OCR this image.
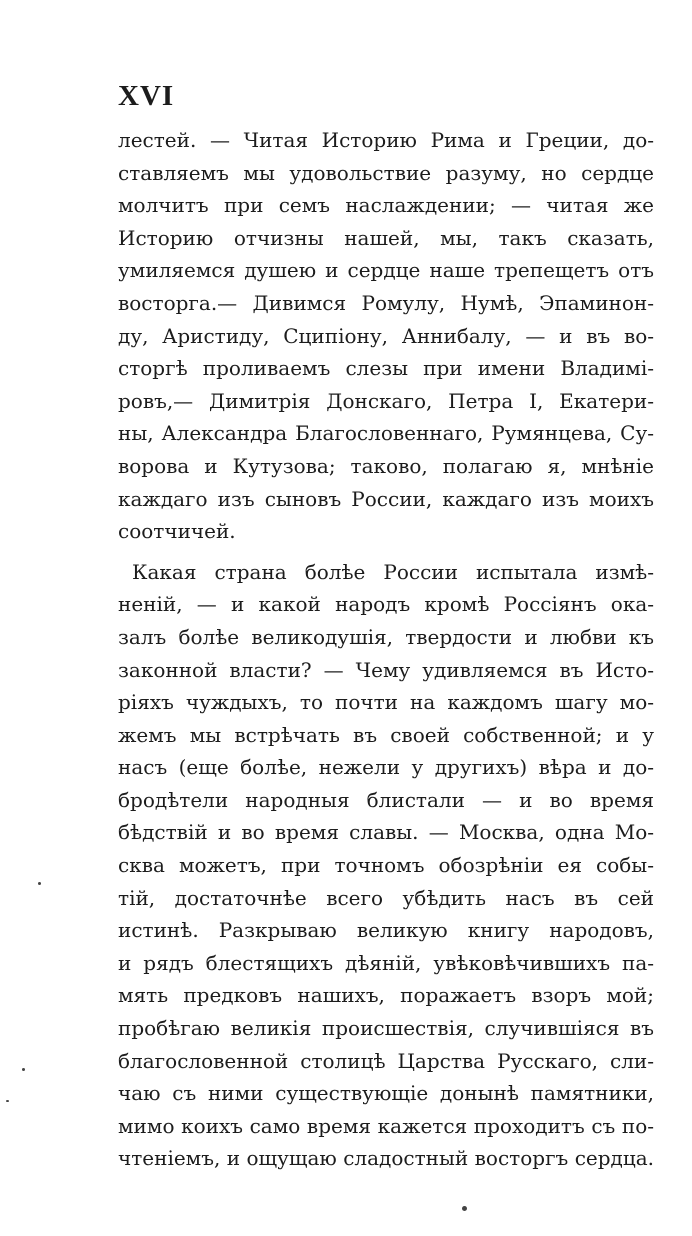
XVI
лестей. — Читая Историю Рима и Греции, до-
ставляемъ мы удовольствие разуму, но сердце
молчитъ при семъ наслаждении; — читая же
Историю отчизны нашей, мы, такъ сказать,
умиляемся душею и сердце наше трепещетъ отъ
восторга.— Дивимся Ромулу, Нумѣ, Эпаминон-
ду, Аристиду, Сципiону, Аннибалу, — и въ во-
сторгѣ проливаемъ слезы при имени Владимi-
ровъ,— Димитрiя Донскаго, Петра I, Екатери-
ны, Александра Благословеннаго, Румянцева, Су-
ворова и Кутузова; таково, полагаю я, мнѣнiе
каждаго изъ сыновъ России, каждаго изъ моихъ
соотчичей.
Какая страна болѣе России испытала измѣ-
ненiй, — и какой народъ кромѣ Россiянъ ока-
залъ болѣе великодушiя, твердости и любви къ
законной власти? — Чему удивляемся въ Исто-
рiяхъ чуждыхъ, то почти на каждомъ шагу мо-
жемъ мы встрѣчать въ своей собственной; и у
насъ (еще болѣе, нежели у другихъ) вѣра и до-
бродѣтели народныя блистали — и во время
бѣдствiй и во время славы. — Москва, одна Мо-
сква можетъ, при точномъ обозрѣнiи ея собы-
тiй, достаточнѣе всего убѣдить насъ въ сей
истинѣ. Разкрываю великую книгу народовъ,
и рядъ блестящихъ дѣянiй, увѣковѣчившихъ па-
мять предковъ нашихъ, поражаетъ взоръ мой;
пробѣгаю великiя происшествiя, случившiяся въ
благословенной столицѣ Царства Русскаго, сли-
чаю съ ними существующiе донынѣ памятники,
мимо коихъ само время кажется проходитъ съ по-
чтенiемъ, и ощущаю сладостный восторгъ сердца.
